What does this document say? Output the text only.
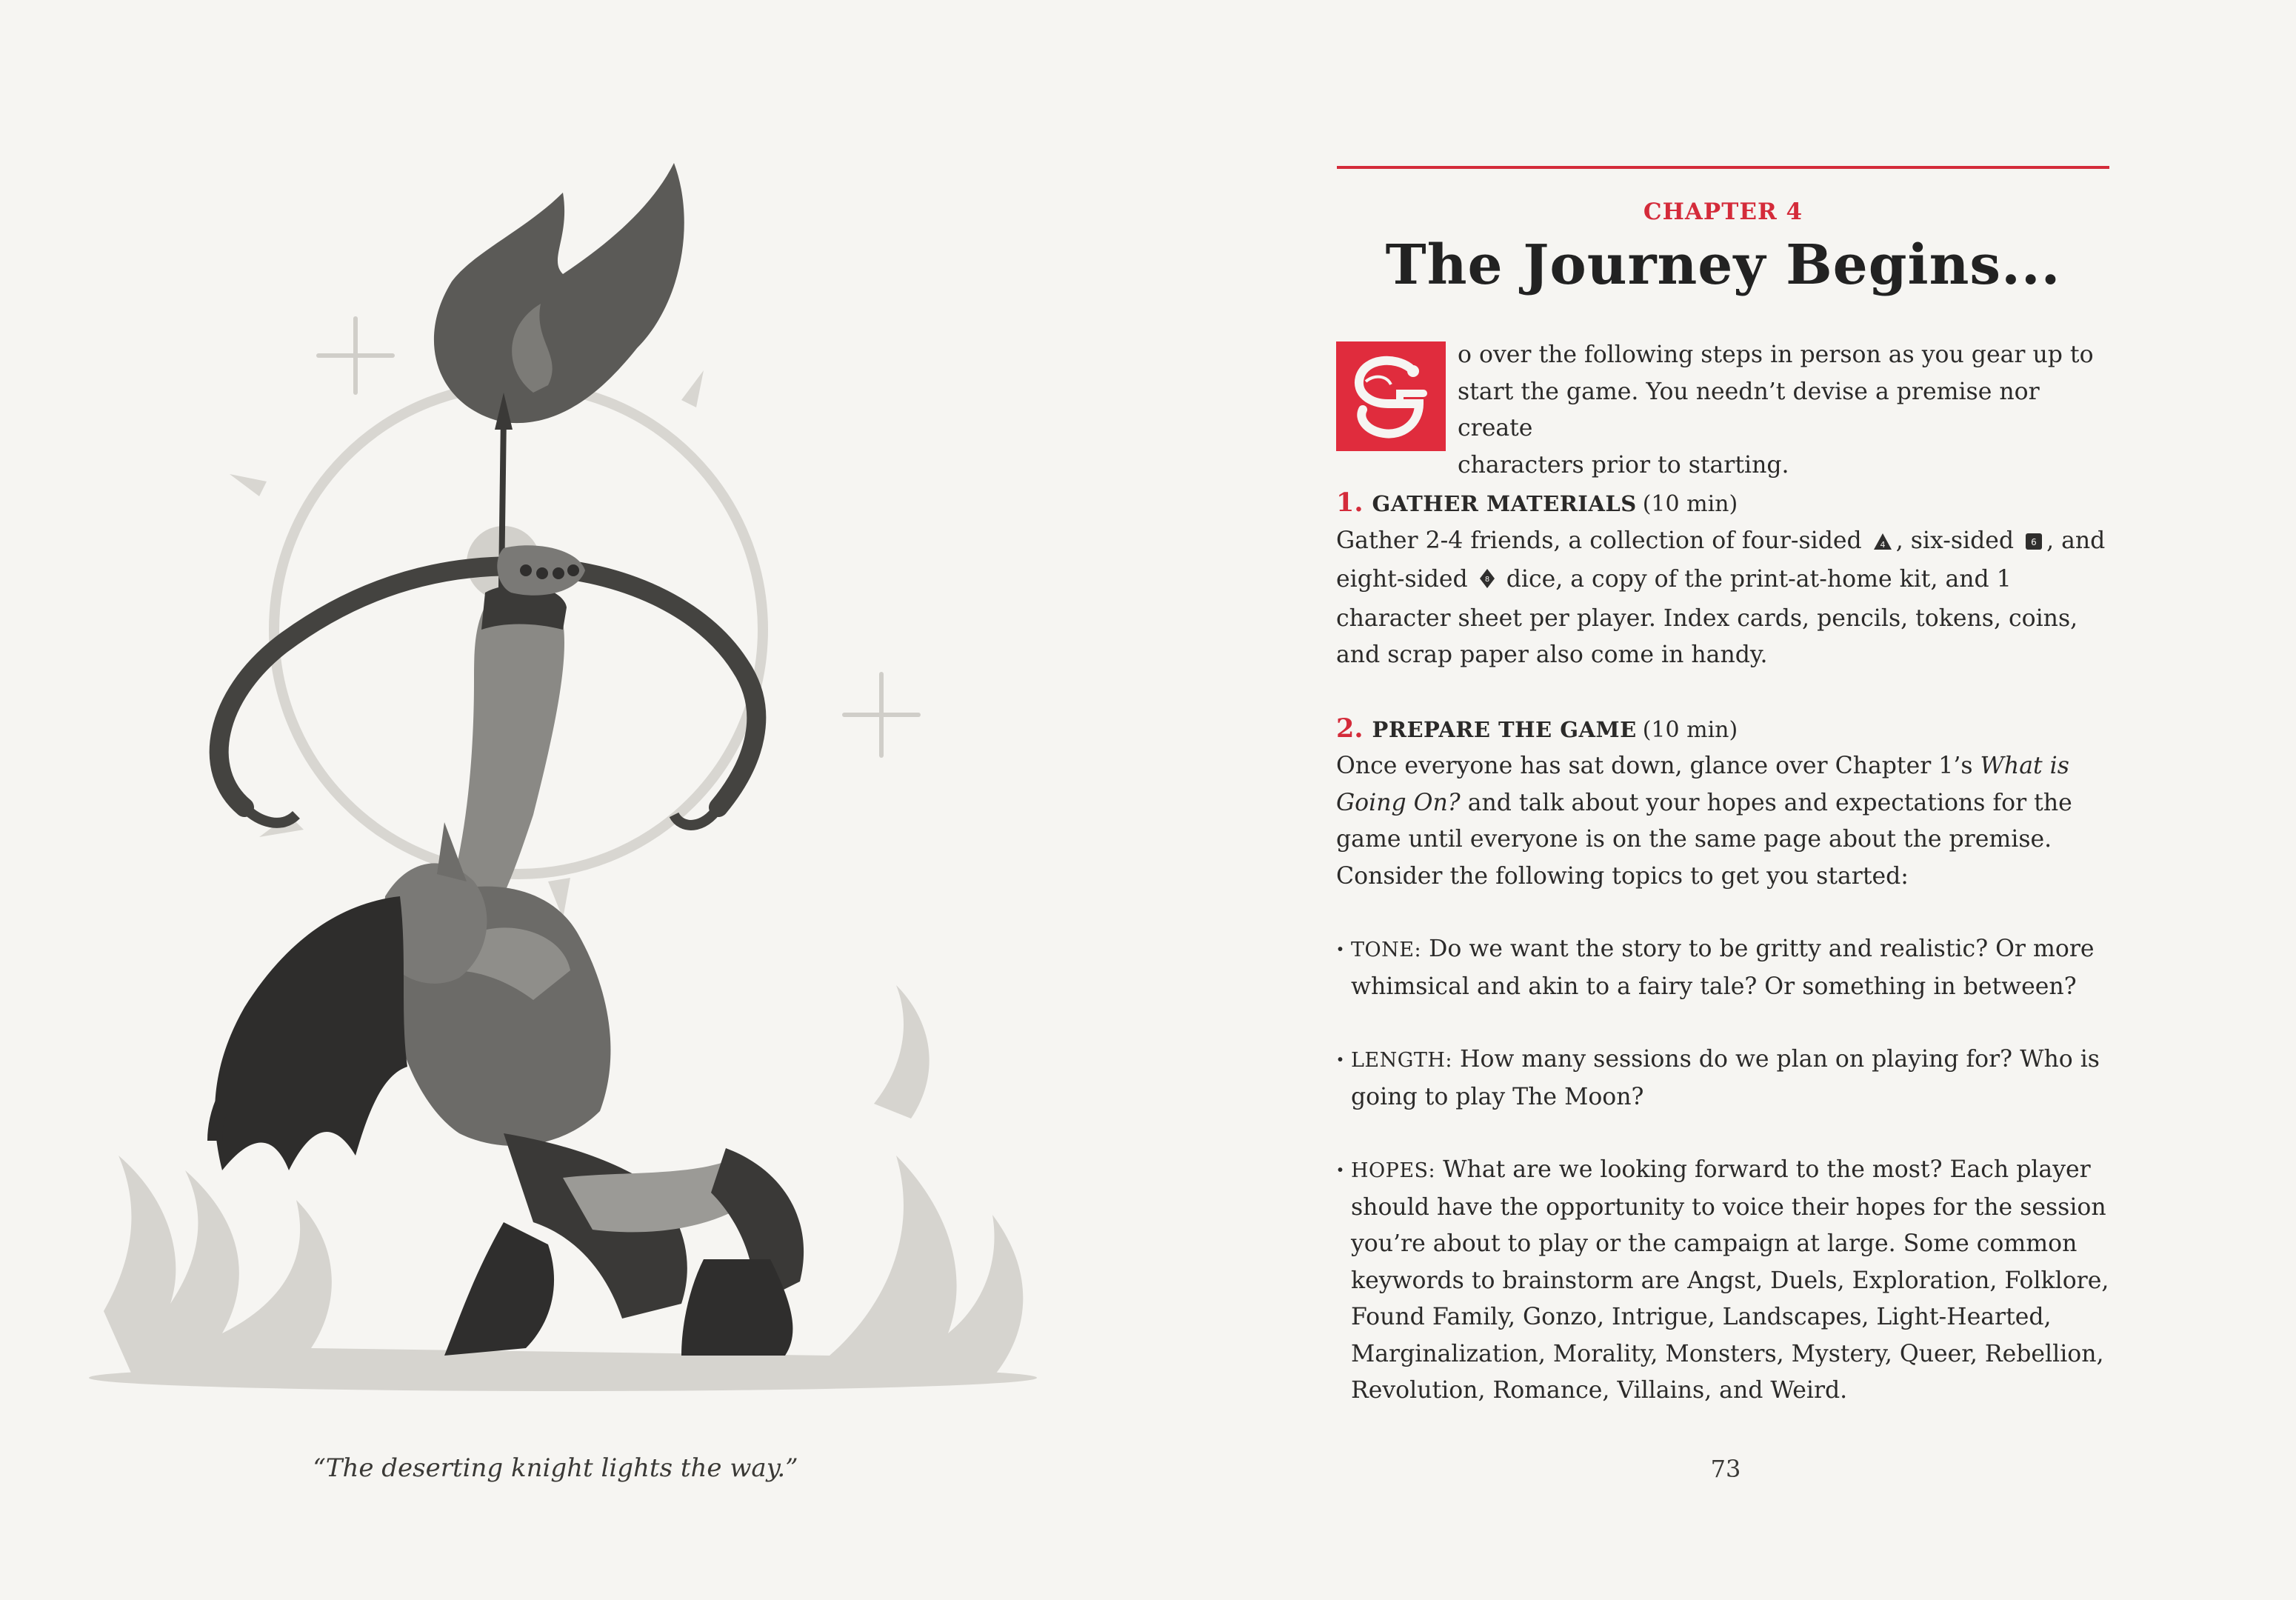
“The deserting knight lights the way.”
CHAPTER 4
The Journey Begins...
o over the following steps in person as you gear up to
start the game. You needn’t devise a premise nor create
characters prior to starting.
1. GATHER MATERIALS (10 min)
Gather 2-4 friends, a collection of four-sided 4 , six-sided 6 , and
eight-sided 8 dice, a copy of the print-at-home kit, and 1 character sheet per player. Index cards, pencils, tokens, coins, and scrap paper also come in handy.
2. PREPARE THE GAME (10 min)
Once everyone has sat down, glance over Chapter 1’s What is Going On? and talk about your hopes and expectations for the game until everyone is on the same page about the premise. Consider the following topics to get you started:
· TONE: Do we want the story to be gritty and realistic? Or more whimsical and akin to a fairy tale? Or something in between?
· LENGTH: How many sessions do we plan on playing for? Who is going to play The Moon?
· HOPES: What are we looking forward to the most? Each player should have the opportunity to voice their hopes for the session you’re about to play or the campaign at large. Some common keywords to brainstorm are Angst, Duels, Exploration, Folklore, Found Family, Gonzo, Intrigue, Landscapes, Light-Hearted, Marginalization, Morality, Monsters, Mystery, Queer, Rebellion, Revolution, Romance, Villains, and Weird.
73
